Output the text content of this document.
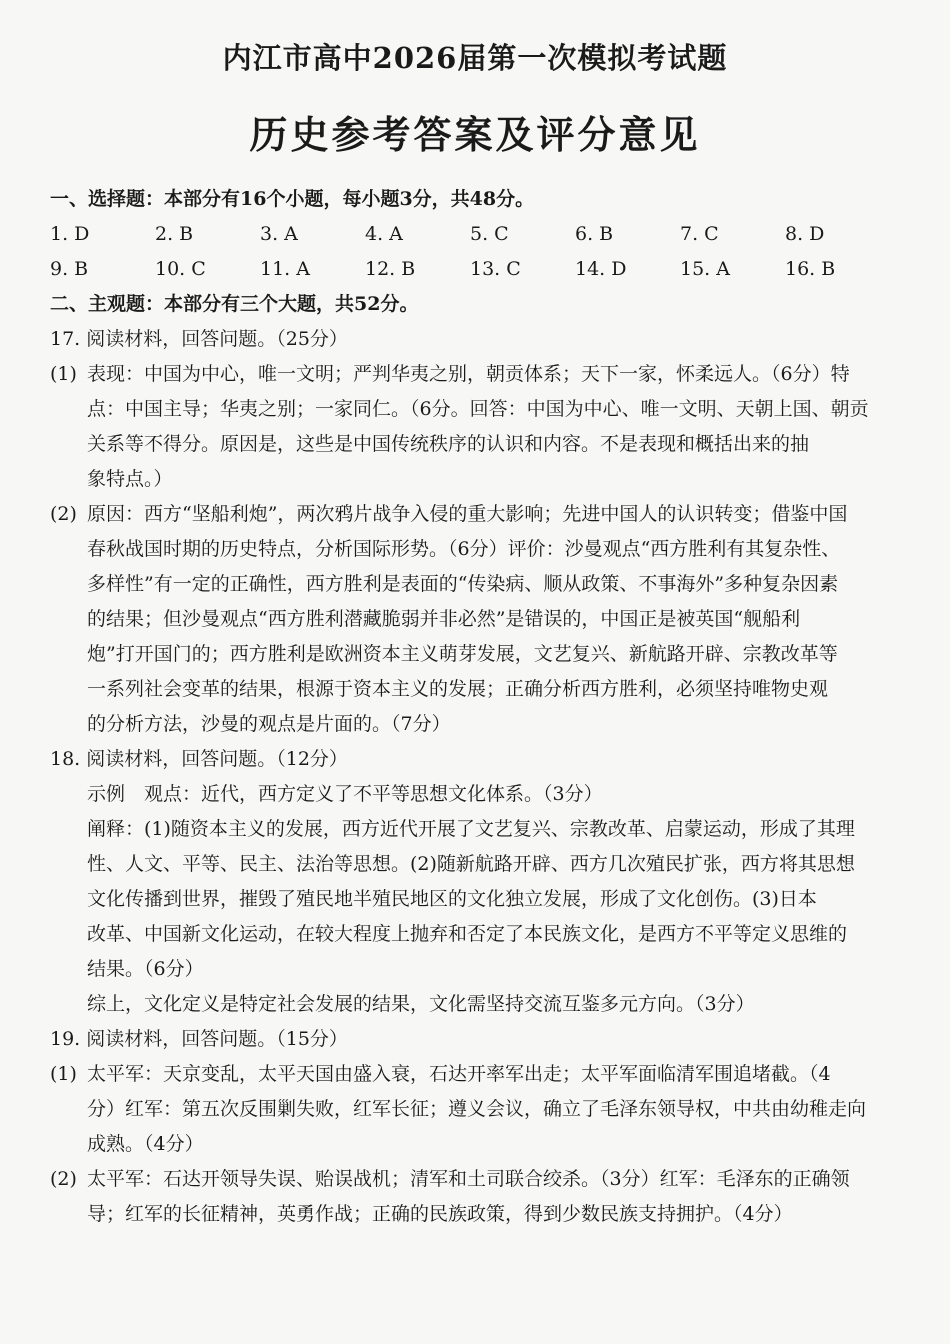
内江市高中2026届第一次模拟考试题
历史参考答案及评分意见
一、选择题：本部分有16个小题，每小题3分，共48分。
1. D	2. B	3. A	4. A	5. C	6. B	7. C	8. D
9. B	10. C	11. A	12. B	13. C	14. D	15. A	16. B
二、主观题：本部分有三个大题，共52分。
17. 阅读材料，回答问题。（25分）
(1) 表现：中国为中心，唯一文明；严判华夷之别，朝贡体系；天下一家，怀柔远人。（6分）特
点：中国主导；华夷之别；一家同仁。（6分。回答：中国为中心、唯一文明、天朝上国、朝贡
关系等不得分。原因是，这些是中国传统秩序的认识和内容。不是表现和概括出来的抽
象特点。）
(2) 原因：西方“坚船利炮”，两次鸦片战争入侵的重大影响；先进中国人的认识转变；借鉴中国
春秋战国时期的历史特点，分析国际形势。（6分）评价：沙曼观点“西方胜利有其复杂性、
多样性”有一定的正确性，西方胜利是表面的“传染病、顺从政策、不事海外”多种复杂因素
的结果；但沙曼观点“西方胜利潜藏脆弱并非必然”是错误的，中国正是被英国“舰船利
炮”打开国门的；西方胜利是欧洲资本主义萌芽发展，文艺复兴、新航路开辟、宗教改革等
一系列社会变革的结果，根源于资本主义的发展；正确分析西方胜利，必须坚持唯物史观
的分析方法，沙曼的观点是片面的。（7分）
18. 阅读材料，回答问题。（12分）
示例　观点：近代，西方定义了不平等思想文化体系。（3分）
阐释：(1)随资本主义的发展，西方近代开展了文艺复兴、宗教改革、启蒙运动，形成了其理
性、人文、平等、民主、法治等思想。(2)随新航路开辟、西方几次殖民扩张，西方将其思想
文化传播到世界，摧毁了殖民地半殖民地区的文化独立发展，形成了文化创伤。(3)日本
改革、中国新文化运动，在较大程度上抛弃和否定了本民族文化，是西方不平等定义思维的
结果。（6分）
综上，文化定义是特定社会发展的结果，文化需坚持交流互鉴多元方向。（3分）
19. 阅读材料，回答问题。（15分）
(1) 太平军：天京变乱，太平天国由盛入衰，石达开率军出走；太平军面临清军围追堵截。（4
分）红军：第五次反围剿失败，红军长征；遵义会议，确立了毛泽东领导权，中共由幼稚走向
成熟。（4分）
(2) 太平军：石达开领导失误、贻误战机；清军和土司联合绞杀。（3分）红军：毛泽东的正确领
导；红军的长征精神，英勇作战；正确的民族政策，得到少数民族支持拥护。（4分）
